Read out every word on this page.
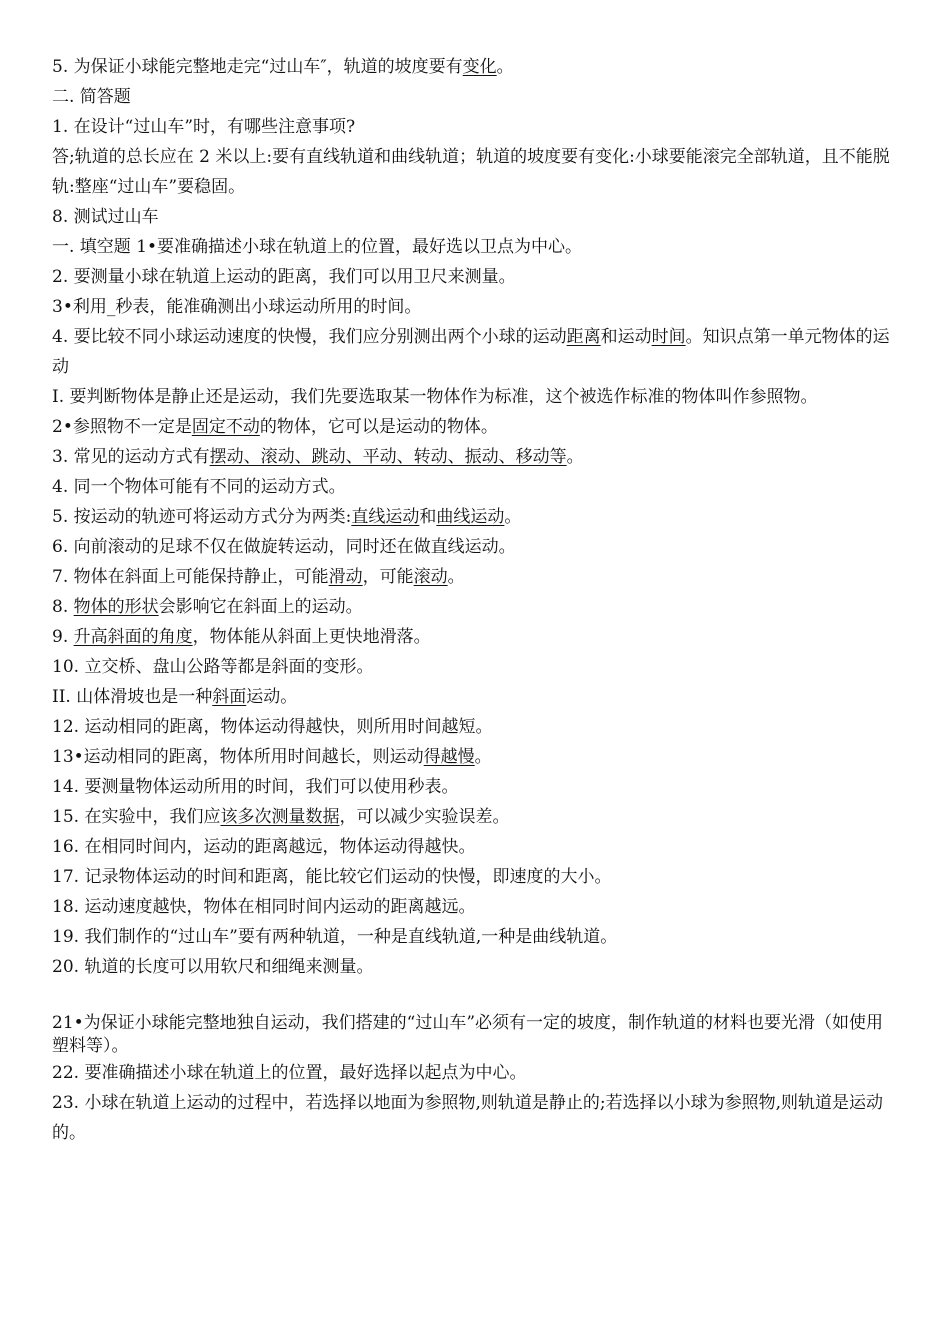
5. 为保证小球能完整地走完“过山车″，轨道的坡度要有变化。
二. 简答题
1. 在设计“过山车”时，有哪些注意事项?
答;轨道的总长应在 2 米以上:要有直线轨道和曲线轨道；轨道的坡度要有变化:小球要能滚完全部轨道，且不能脱轨:整座“过山车”要稳固。
8. 测试过山车
一. 填空题 1•要准确描述小球在轨道上的位置，最好选以卫点为中心。
2. 要测量小球在轨道上运动的距离，我们可以用卫尺来测量。
3•利用_秒表，能准确测出小球运动所用的时间。
4. 要比较不同小球运动速度的快慢，我们应分别测出两个小球的运动距离和运动时间。知识点第一单元物体的运动
I. 要判断物体是静止还是运动，我们先要选取某一物体作为标准，这个被选作标准的物体叫作参照物。
2•参照物不一定是固定不动的物体，它可以是运动的物体。
3. 常见的运动方式有摆动、滚动、跳动、平动、转动、振动、移动等。
4. 同一个物体可能有不同的运动方式。
5. 按运动的轨迹可将运动方式分为两类:直线运动和曲线运动。
6. 向前滚动的足球不仅在做旋转运动，同时还在做直线运动。
7. 物体在斜面上可能保持静止，可能滑动，可能滚动。
8. 物体的形状会影响它在斜面上的运动。
9. 升高斜面的角度，物体能从斜面上更快地滑落。
10. 立交桥、盘山公路等都是斜面的变形。
II. 山体滑坡也是一种斜面运动。
12. 运动相同的距离，物体运动得越快，则所用时间越短。
13•运动相同的距离，物体所用时间越长，则运动得越慢。
14. 要测量物体运动所用的时间，我们可以使用秒表。
15. 在实验中，我们应该多次测量数据，可以减少实验误差。
16. 在相同时间内，运动的距离越远，物体运动得越快。
17. 记录物体运动的时间和距离，能比较它们运动的快慢，即速度的大小。
18. 运动速度越快，物体在相同时间内运动的距离越远。
19. 我们制作的“过山车”要有两种轨道，一种是直线轨道,一种是曲线轨道。
20. 轨道的长度可以用软尺和细绳来测量。
21•为保证小球能完整地独自运动，我们搭建的“过山车”必须有一定的坡度，制作轨道的材料也要光滑（如使用塑料等）。
22. 要准确描述小球在轨道上的位置，最好选择以起点为中心。
23. 小球在轨道上运动的过程中，若选择以地面为参照物,则轨道是静止的;若选择以小球为参照物,则轨道是运动的。
